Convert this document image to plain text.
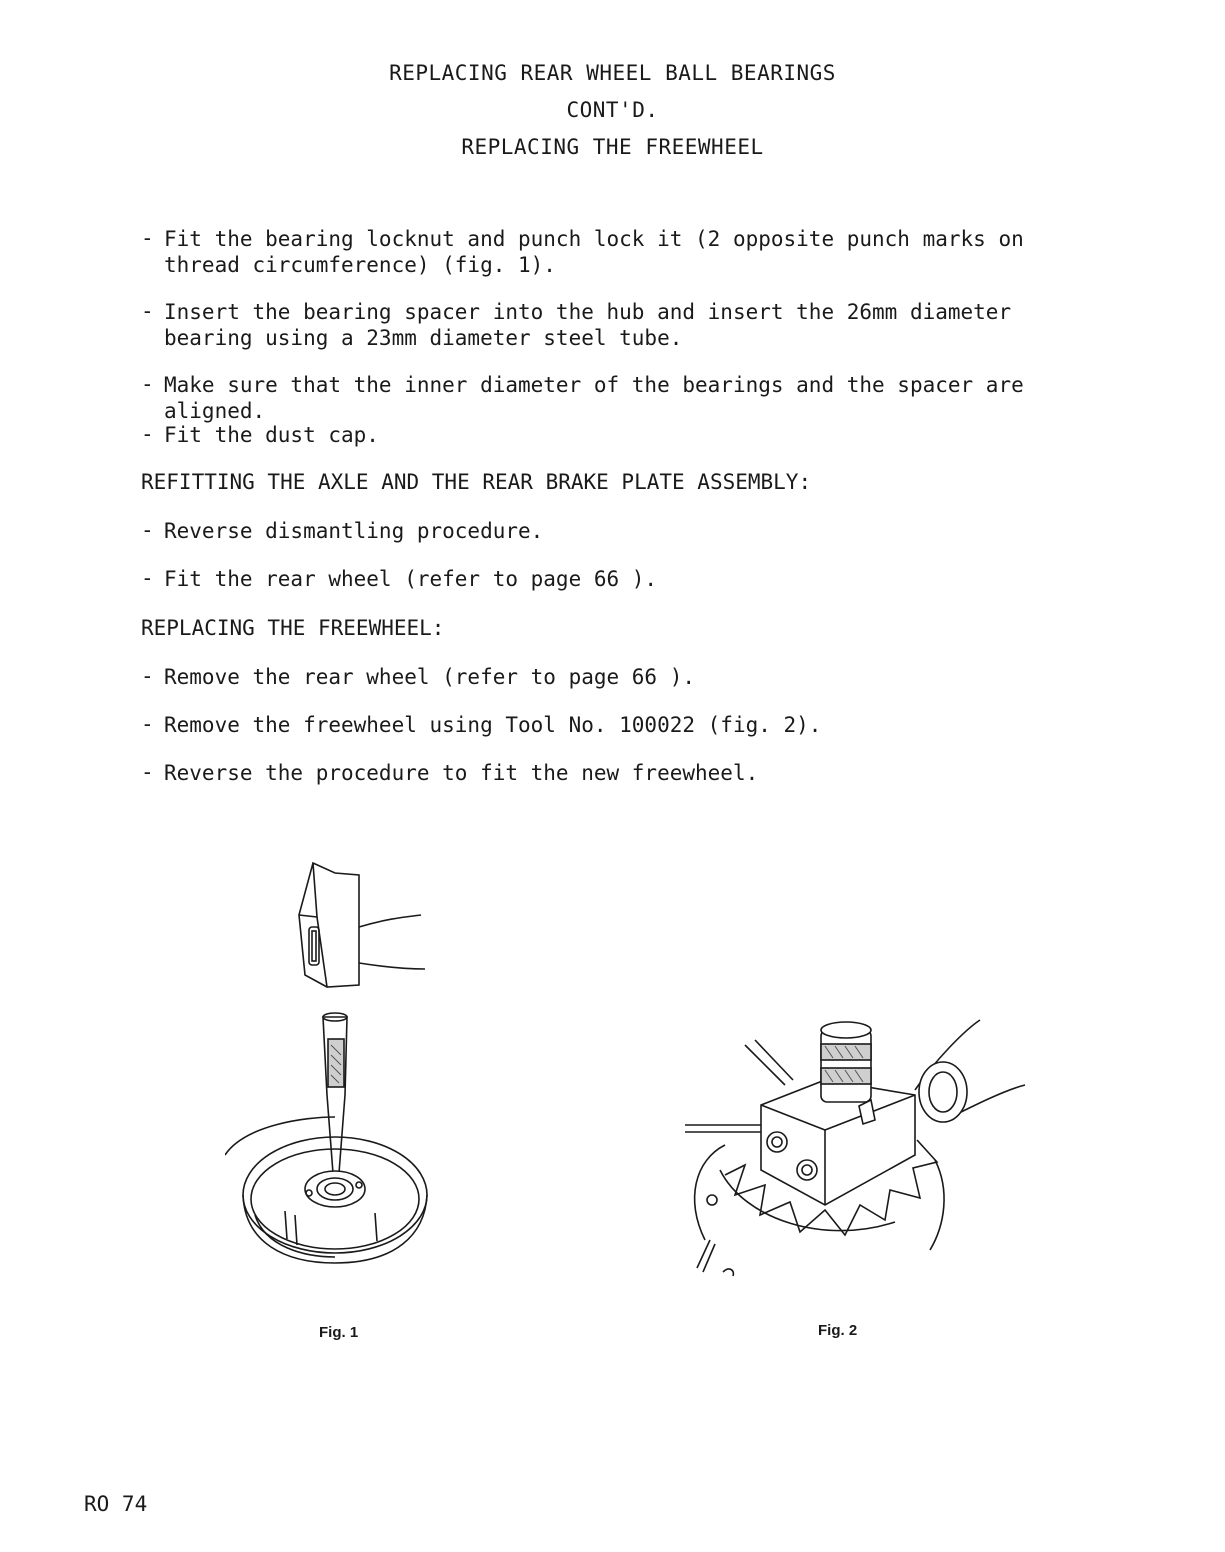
REPLACING REAR WHEEL BALL BEARINGS
CONT'D.
REPLACING THE FREEWHEEL
- Fit the bearing locknut and punch lock it (2 opposite punch marks on thread circumference) (fig. 1).
- Insert the bearing spacer into the hub and insert the 26mm diameter bearing using a 23mm diameter steel tube.
- Make sure that the inner diameter of the bearings and the spacer are aligned.
- Fit the dust cap.
REFITTING THE AXLE AND THE REAR BRAKE PLATE ASSEMBLY:
- Reverse dismantling procedure.
- Fit the rear wheel (refer to page 66 ).
REPLACING THE FREEWHEEL:
- Remove the rear wheel (refer to page 66 ).
- Remove the freewheel using Tool No. 100022 (fig. 2).
- Reverse the procedure to fit the new freewheel.
Fig. 1	Fig. 2
RO 74
